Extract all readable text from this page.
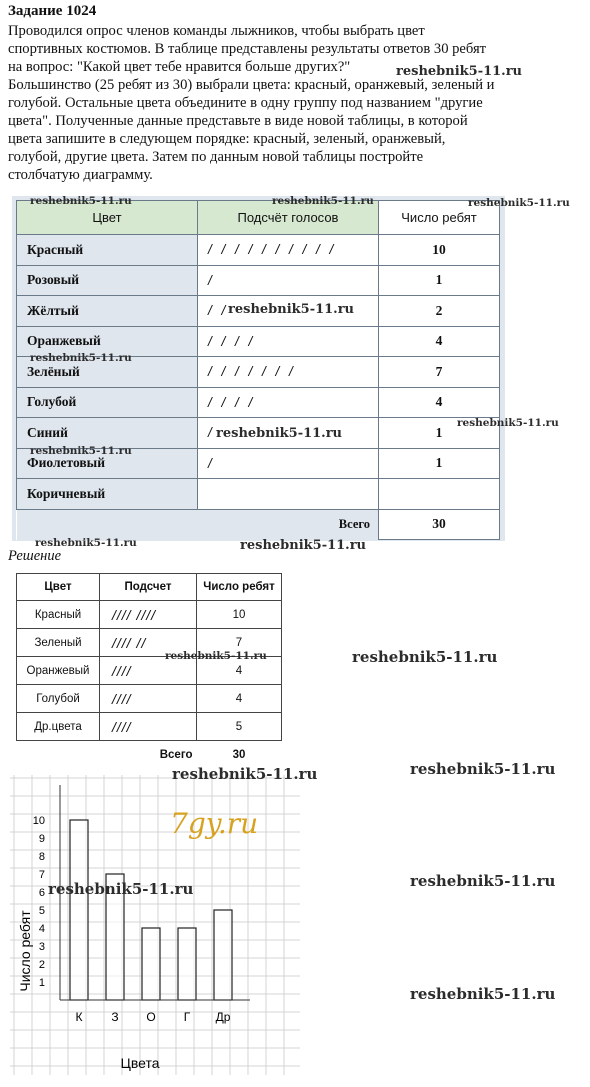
Задание 1024
Проводился опрос членов команды лыжников, чтобы выбрать цвет
спортивных костюмов. В таблице представлены результаты ответов 30 ребят
на вопрос: "Какой цвет тебе нравится больше других?"
Большинство (25 ребят из 30) выбрали цвета: красный, оранжевый, зеленый и
голубой. Остальные цвета объедините в одну группу под названием "другие
цвета". Полученные данные представьте в виде новой таблицы, в которой
цвета запишите в следующем порядке: красный, зеленый, оранжевый,
голубой, другие цвета. Затем по данным новой таблицы постройте
столбчатую диаграмму.
Цвет	Подсчёт голосов	Число ребят
Красный	/ / / / / / / / / /	10
Розовый	/	1
Жёлтый	/ /	2
Оранжевый	/ / / /	4
Зелёный	/ / / / / / /	7
Голубой	/ / / /	4
Синий	/	1
Фиолетовый	/	1
Коричневый		
	Всего	30
Решение
Цвет	Подсчет	Число ребят
Красный	//// ////	10
Зеленый	//// //	7
Оранжевый	////	4
Голубой	////	4
Др.цвета	////	5
	Всего	30
1
2
3
4
5
6
7
8
9
10
К З О Г Др
7gy.ru
Число ребят
Цвета
reshebnik5-11.ru
reshebnik5-11.ru	reshebnik5-11.ru	reshebnik5-11.ru
reshebnik5-11.ru
reshebnik5-11.ru
reshebnik5-11.ru
reshebnik5-11.ru
reshebnik5-11.ru
reshebnik5-11.ru	reshebnik5-11.ru
reshebnik5-11.ru	reshebnik5-11.ru
reshebnik5-11.ru	reshebnik5-11.ru
reshebnik5-11.ru	reshebnik5-11.ru
reshebnik5-11.ru
